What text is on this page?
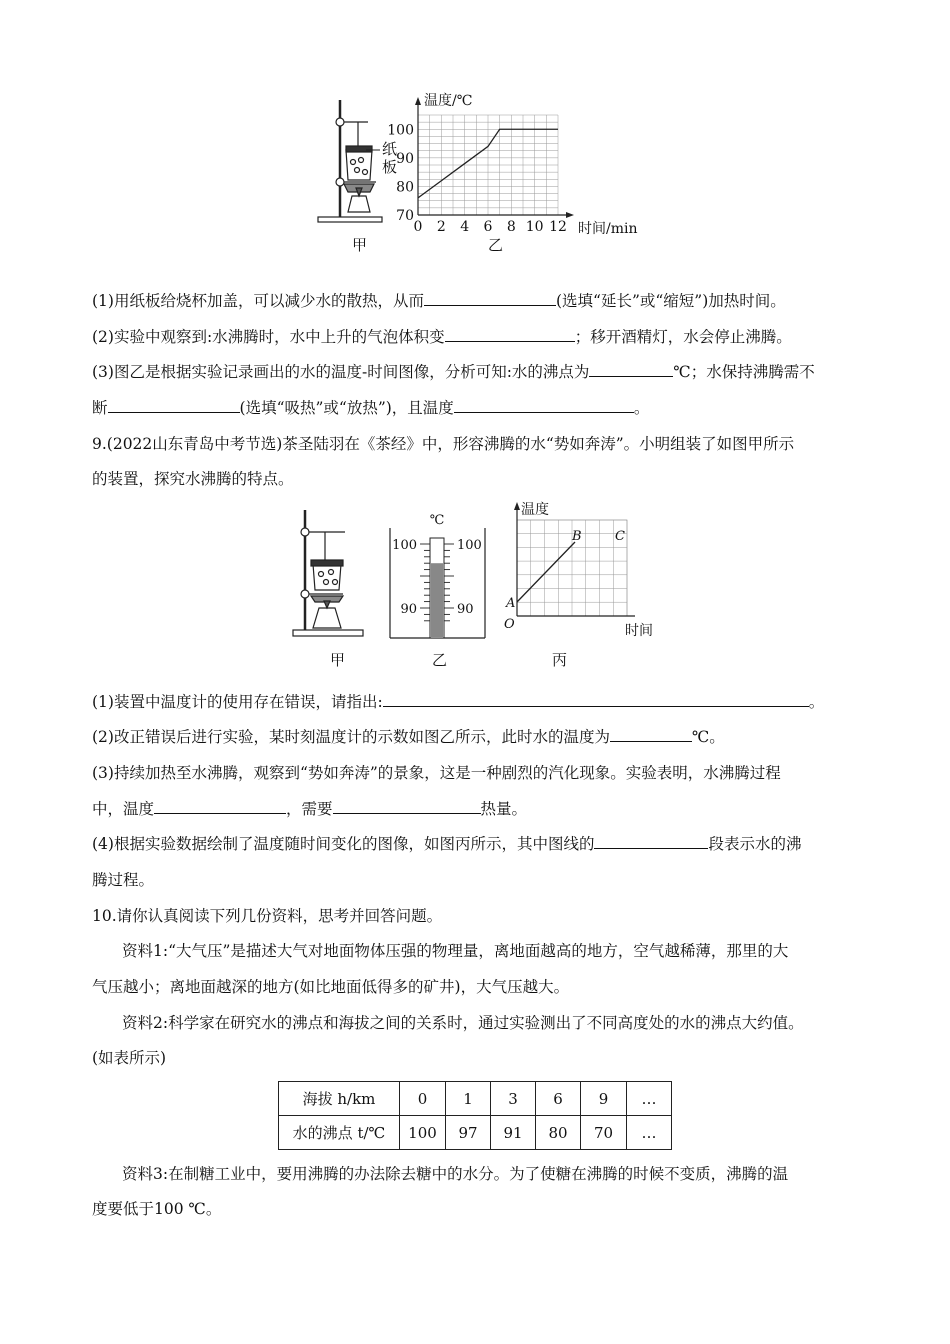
纸
板
0 2 4 6 8 10 12
70
80
90
100
温度/℃
时间/min
甲	乙
(1)用纸板给烧杯加盖，可以减少水的散热，从而	(选填“延长”或“缩短”)加热时间。
(2)实验中观察到:水沸腾时，水中上升的气泡体积变	；移开酒精灯，水会停止沸腾。
(3)图乙是根据实验记录画出的水的温度-时间图像，分析可知:水的沸点为	℃；水保持沸腾需不
断	(选填“吸热”或“放热”)，且温度	。
9.(2022山东青岛中考节选)茶圣陆羽在《茶经》中，形容沸腾的水“势如奔涛”。小明组装了如图甲所示
的装置，探究水沸腾的特点。
℃
100	100
90	90
温度
时间
O
A
B	C
甲	乙	丙
(1)装置中温度计的使用存在错误，请指出:	。
(2)改正错误后进行实验，某时刻温度计的示数如图乙所示，此时水的温度为	℃。
(3)持续加热至水沸腾，观察到“势如奔涛”的景象，这是一种剧烈的汽化现象。实验表明，水沸腾过程
中，温度	，需要	热量。
(4)根据实验数据绘制了温度随时间变化的图像，如图丙所示，其中图线的	段表示水的沸
腾过程。
10.请你认真阅读下列几份资料，思考并回答问题。
资料1:“大气压”是描述大气对地面物体压强的物理量，离地面越高的地方，空气越稀薄，那里的大
气压越小；离地面越深的地方(如比地面低得多的矿井)，大气压越大。
资料2:科学家在研究水的沸点和海拔之间的关系时，通过实验测出了不同高度处的水的沸点大约值。
(如表所示)
海拔 h/km	0	1	3	6	9	…
水的沸点 t/℃	100	97	91	80	70	…
资料3:在制糖工业中，要用沸腾的办法除去糖中的水分。为了使糖在沸腾的时候不变质，沸腾的温
度要低于100 ℃。
